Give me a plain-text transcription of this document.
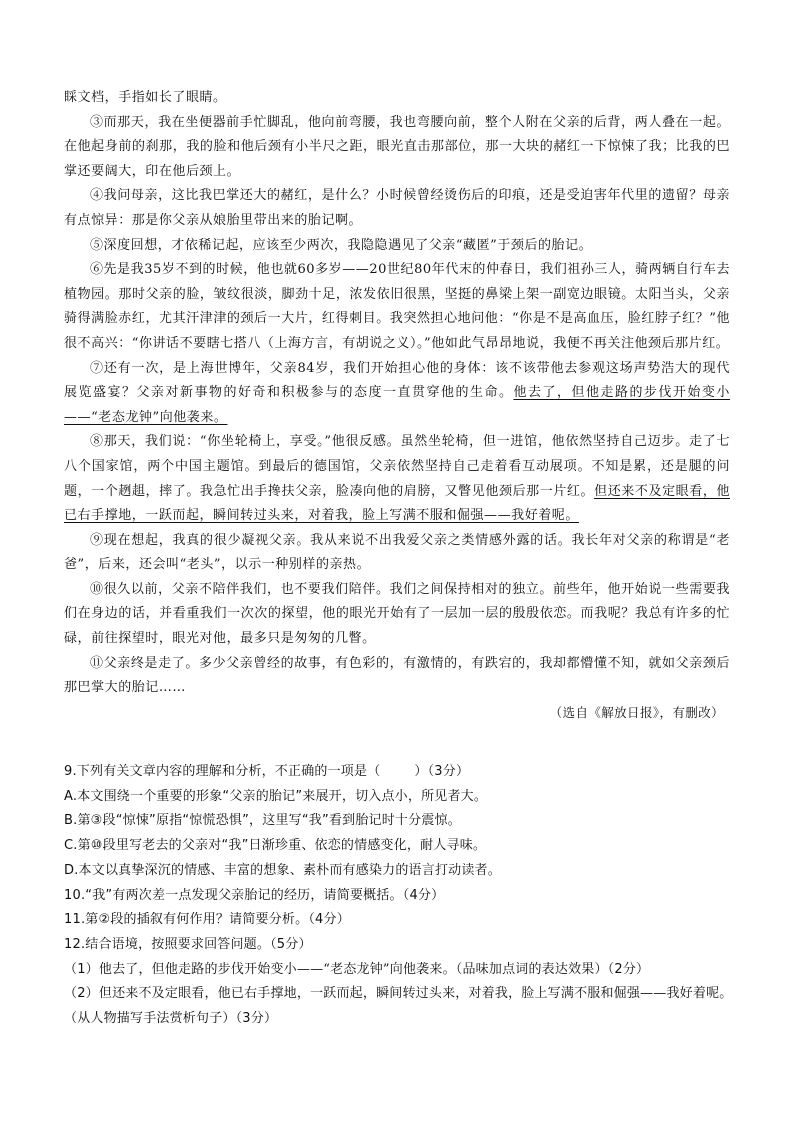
睬文档，手指如长了眼睛。

③而那天，我在坐便器前手忙脚乱，他向前弯腰，我也弯腰向前，整个人附在父亲的后背，两人叠在一起。在他起身前的刹那，我的脸和他后颈有小半尺之距，眼光直击那部位，那一大块的赭红一下惊悚了我；比我的巴掌还要阔大，印在他后颈上。

④我问母亲，这比我巴掌还大的赭红，是什么？小时候曾经烫伤后的印痕，还是受迫害年代里的遗留？母亲有点惊异：那是你父亲从娘胎里带出来的胎记啊。

⑤深度回想，才依稀记起，应该至少两次，我隐隐遇见了父亲“藏匿”于颈后的胎记。

⑥先是我35岁不到的时候，他也就60多岁——20世纪80年代末的仲春日，我们祖孙三人，骑两辆自行车去植物园。那时父亲的脸，皱纹很淡，脚劲十足，浓发依旧很黑，坚挺的鼻梁上架一副宽边眼镜。太阳当头，父亲骑得满脸赤红，尤其汗津津的颈后一大片，红得刺目。我突然担心地问他：“你是不是高血压，脸红脖子红？”他很不高兴：“你讲话不要瞎七搭八（上海方言，有胡说之义）。”他如此气昂昂地说，我便不再关注他颈后那片红。

⑦还有一次，是上海世博年，父亲84岁，我们开始担心他的身体：该不该带他去参观这场声势浩大的现代展览盛宴？父亲对新事物的好奇和积极参与的态度一直贯穿他的生命。他去了，但他走路的步伐开始变小——“老态龙钟”向他袭来。

⑧那天，我们说：“你坐轮椅上，享受。”他很反感。虽然坐轮椅，但一进馆，他依然坚持自己迈步。走了七八个国家馆，两个中国主题馆。到最后的德国馆，父亲依然坚持自己走着看互动展项。不知是累，还是腿的问题，一个趔趄，摔了。我急忙出手搀扶父亲，脸凑向他的肩膀，又瞥见他颈后那一片红。但还来不及定眼看，他已右手撑地，一跃而起，瞬间转过头来，对着我，脸上写满不服和倔强——我好着呢。

⑨现在想起，我真的很少凝视父亲。我从来说不出我爱父亲之类情感外露的话。我长年对父亲的称谓是“老爸”，后来，还会叫“老头”，以示一种别样的亲热。

⑩很久以前，父亲不陪伴我们，也不要我们陪伴。我们之间保持相对的独立。前些年，他开始说一些需要我们在身边的话，并看重我们一次次的探望，他的眼光开始有了一层加一层的殷殷依恋。而我呢？我总有许多的忙碌，前往探望时，眼光对他，最多只是匆匆的几瞥。

⑪父亲终是走了。多少父亲曾经的故事，有色彩的，有激情的，有跌宕的，我却都懵懂不知，就如父亲颈后那巴掌大的胎记……

（选自《解放日报》，有删改）

9.下列有关文章内容的理解和分析，不正确的一项是（	）（3分）

A.本文围绕一个重要的形象“父亲的胎记”来展开，切入点小，所见者大。

B.第③段“惊悚”原指“惊慌恐惧”，这里写“我”看到胎记时十分震惊。

C.第⑩段里写老去的父亲对“我”日渐珍重、依恋的情感变化，耐人寻味。

D.本文以真挚深沉的情感、丰富的想象、素朴而有感染力的语言打动读者。

10.“我”有两次差一点发现父亲胎记的经历，请简要概括。（4分）

11.第②段的插叙有何作用？请简要分析。（4分）

12.结合语境，按照要求回答问题。（5分）

（1）他去了，但他走路的步伐开始变小——“老态龙钟”向他袭来。（品味加点词的表达效果）（2分）

（2）但还来不及定眼看，他已右手撑地，一跃而起，瞬间转过头来，对着我，脸上写满不服和倔强——我好着呢。（从人物描写手法赏析句子）（3分）
